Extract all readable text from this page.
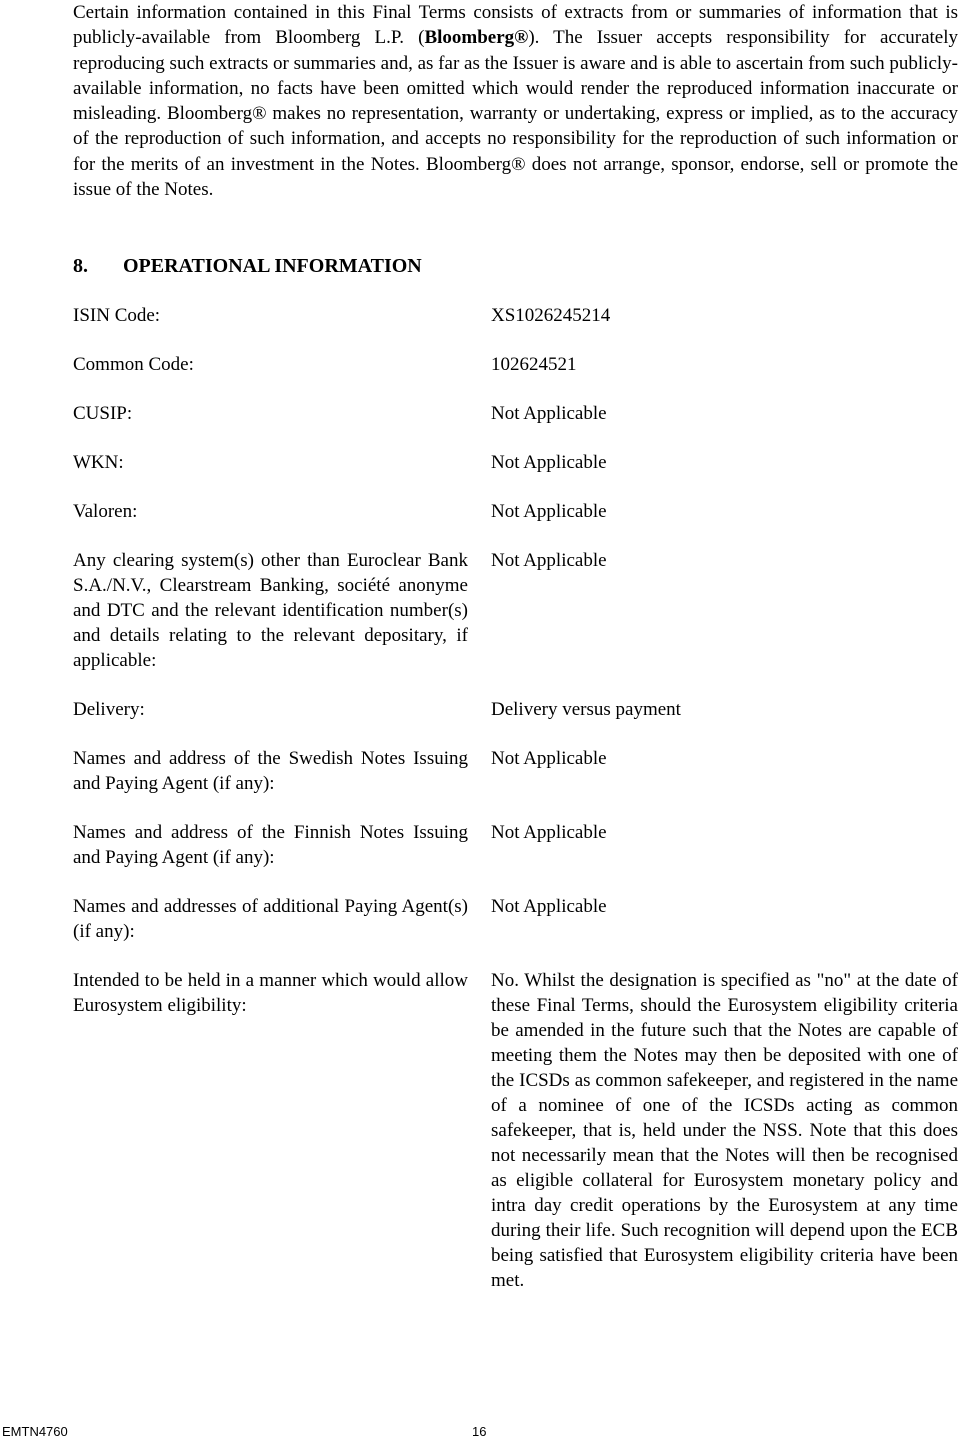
Certain information contained in this Final Terms consists of extracts from or summaries of information that is publicly-available from Bloomberg L.P. (Bloomberg®). The Issuer accepts responsibility for accurately reproducing such extracts or summaries and, as far as the Issuer is aware and is able to ascertain from such publicly-available information, no facts have been omitted which would render the reproduced information inaccurate or misleading. Bloomberg® makes no representation, warranty or undertaking, express or implied, as to the accuracy of the reproduction of such information, and accepts no responsibility for the reproduction of such information or for the merits of an investment in the Notes. Bloomberg® does not arrange, sponsor, endorse, sell or promote the issue of the Notes.
8. OPERATIONAL INFORMATION
ISIN Code:	XS1026245214
Common Code:	102624521
CUSIP:	Not Applicable
WKN:	Not Applicable
Valoren:	Not Applicable
Any clearing system(s) other than Euroclear Bank S.A./N.V., Clearstream Banking, société anonyme and DTC and the relevant identification number(s) and details relating to the relevant depositary, if applicable:
Not Applicable
Delivery:	Delivery versus payment
Names and address of the Swedish Notes Issuing and Paying Agent (if any):
Not Applicable
Names and address of the Finnish Notes Issuing and Paying Agent (if any):
Not Applicable
Names and addresses of additional Paying Agent(s) (if any):
Not Applicable
Intended to be held in a manner which would allow Eurosystem eligibility:
No. Whilst the designation is specified as "no" at the date of these Final Terms, should the Eurosystem eligibility criteria be amended in the future such that the Notes are capable of meeting them the Notes may then be deposited with one of the ICSDs as common safekeeper, and registered in the name of a nominee of one of the ICSDs acting as common safekeeper, that is, held under the NSS. Note that this does not necessarily mean that the Notes will then be recognised as eligible collateral for Eurosystem monetary policy and intra day credit operations by the Eurosystem at any time during their life. Such recognition will depend upon the ECB being satisfied that Eurosystem eligibility criteria have been met.
EMTN4760	16
